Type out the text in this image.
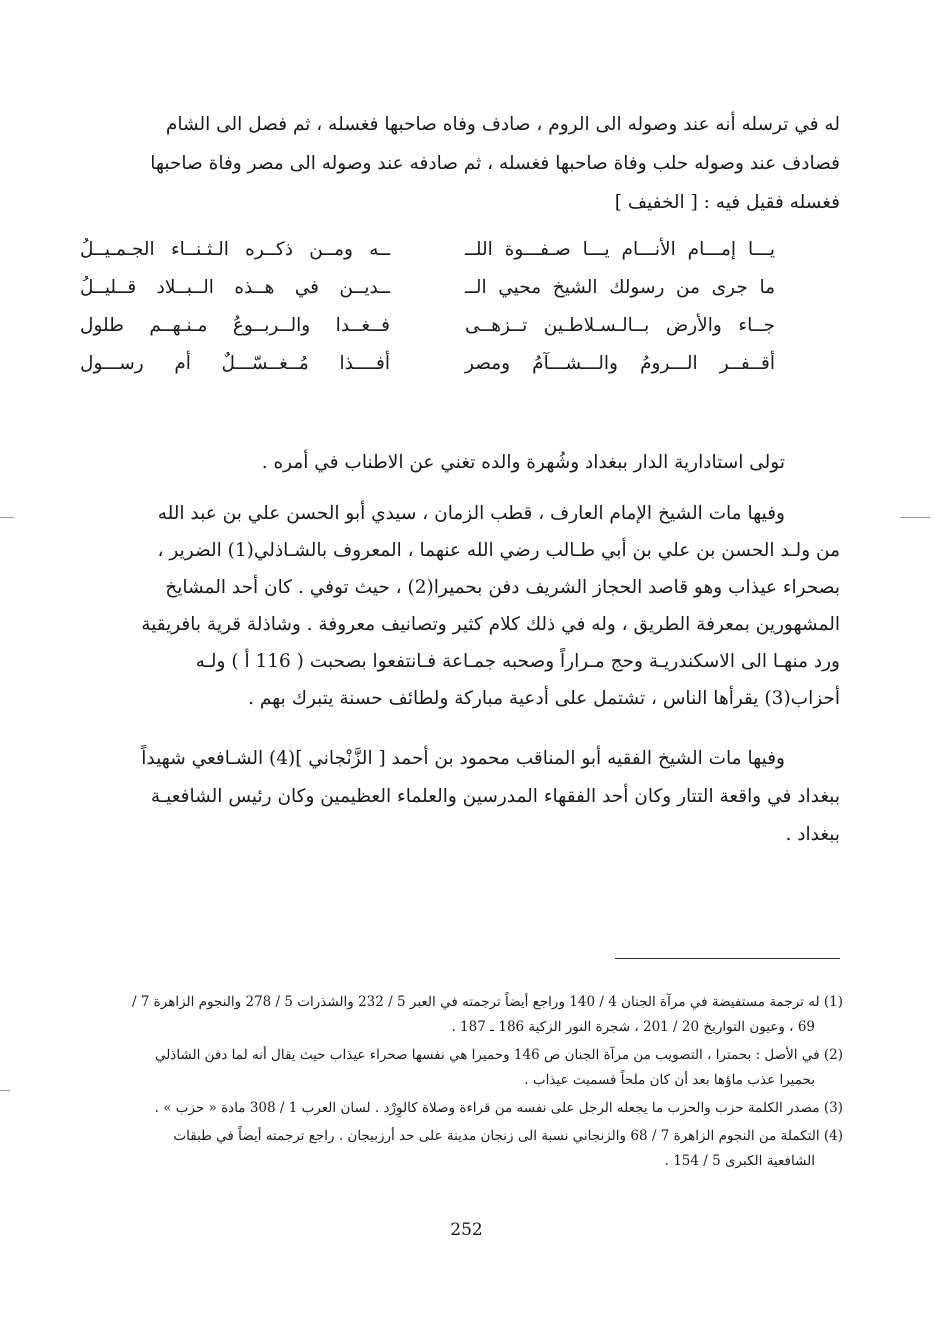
له في ترسله أنه عند وصوله الى الروم ، صادف وفاه صاحبها فغسله ، ثم فصل الى الشام

فصادف عند وصوله حلب وفاة صاحبها فغسله ، ثم صادفه عند وصوله الى مصر وفاة صاحبها

فغسله فقيل فيه : [ الخفيف ]

يـــا إمـــام الأنـــام يـــا صـفـــوة اللــ
ــه ومــن ذكــره الـثـنــاء الجـمـيــلُ
ما جرى من رسولك الشيخ محيي الــ
ــديــن في هــذه الــبــلاد قــليــلُ
جــاء والأرض بــالـسـلاطـين تــزهــى
فــغــدا والــربــوعُ مـنـهــم طلول
أقــفــر الـــرومُ والـــشـــآمُ ومصر
أفــــذا مُــغــسّـــلٌ أم رســـول

تولى استادارية الدار ببغداد وشُهرة والده تغني عن الاطناب في أمره .

وفيها مات الشيخ الإمام العارف ، قطب الزمان ، سيدي أبو الحسن علي بن عبد الله

من ولـد الحسن بن علي بن أبي طـالب رضي الله عنهما ، المعروف بالشـاذلي(1) الضرير ،

بصحراء عيذاب وهو قاصد الحجاز الشريف دفن بحميرا(2) ، حيث توفي . كان أحد المشايخ

المشهورين بمعرفة الطريق ، وله في ذلك كلام كثير وتصانيف معروفة . وشاذلة قرية بافريقية

ورد منهـا الى الاسكندريـة وحج مـراراً وصحبه جمـاعة فـانتفعوا بصحبت ( 116 أ ) ولـه

أحزاب(3) يقرأها الناس ، تشتمل على أدعية مباركة ولطائف حسنة يتبرك بهم .

وفيها مات الشيخ الفقيه أبو المناقب محمود بن أحمد [ الزَّنْجاني ](4) الشـافعي شهيداً

ببغداد في واقعة التتار وكان أحد الفقهاء المدرسين والعلماء العظيمين وكان رئيس الشافعيـة

ببغداد .

(1) له ترجمة مستفيضة في مرآة الجنان 4 / 140 وراجع أيضاً ترجمته في العبر 5 / 232 والشذرات 5 / 278 والنجوم الزاهرة 7 /
69 ، وعيون التواريخ 20 / 201 ، شجرة النور الزكية 186 ـ 187 .

(2) في الأصل : بحمترا ، التصويب من مرآة الجنان ص 146 وحميرا هي نفسها صحراء عيذاب حيث يقال أنه لما دفن الشاذلي
بحميرا عذب ماؤها بعد أن كان ملحاً فسميت عيذاب .

(3) مصدر الكلمة حزب والحزب ما يجعله الرجل على نفسه من قراءة وصلاة كالوِرْد . لسان العرب 1 / 308 مادة « حزب » .

(4) التكملة من النجوم الزاهرة 7 / 68 والزنجاني نسبة الى زنجان مدينة على حد أرزبيجان . راجع ترجمته أيضاً في طبقات
الشافعية الكبرى 5 / 154 .

252
